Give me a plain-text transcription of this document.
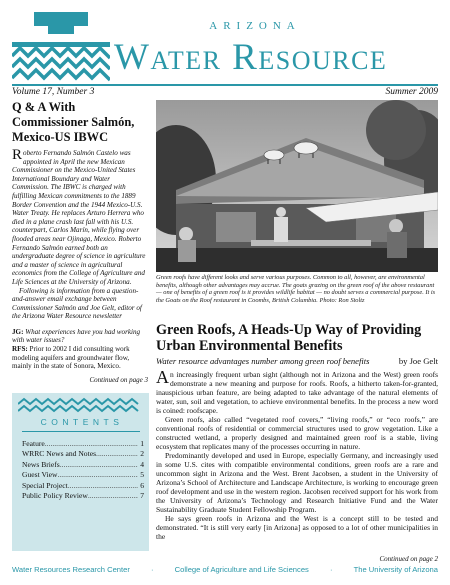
ARIZONA
Water Resource
Volume 17, Number 3	Summer 2009
Q & A With Commissioner Salmón, Mexico-US IBWC

Roberto Fernando Salmón Castelo was appointed in April the new Mexican Commissioner on the Mexico-United States International Boundary and Water Commission. The IBWC is charged with fulfilling Mexican commitments to the 1889 Border Convention and the 1944 Mexico-U.S. Water Treaty. He replaces Arturo Herrera who died in a plane crash last fall with his U.S. counterpart, Carlos Marín, while flying over flooded areas near Ojinaga, Mexico. Roberto Fernando Salmón earned both an undergraduate degree of science in agriculture and a master of science in agricultural economics from the College of Agriculture and Life Sciences at the University of Arizona.

Following is information from a question-and-answer email exchange between Commissioner Salmón and Joe Gelt, editor of the Arizona Water Resource newsletter

JG: What experiences have you had working with water issues?
RFS: Prior to 2002 I did consulting work modeling aquifers and groundwater flow, mainly in the state of Sonora, Mexico.
Continued on page 3
CONTENTS
Feature .....	1
WRRC News and Notes .....	2
News Briefs .....	4
Guest View .....	5
Special Project .....	6
Public Policy Review .....	7
Green roofs have different looks and serve various purposes. Common to all, however, are environmental benefits, although other advantages may accrue. The goats grazing on the green roof of the above restaurant — one of benefits of a green roof is it provides wildlife habitat — no doubt serves a commercial purpose. It is the Goats on the Roof restaurant in Coombs, British Columbia. Photo: Ron Stoltz
Green Roofs, A Heads-Up Way of Providing Urban Environmental Benefits
Water resource advantages number among green roof benefits	by Joe Gelt

An increasingly frequent urban sight (although not in Arizona and the West) green roofs demonstrate a new meaning and purpose for roofs. Roofs, a hitherto taken-for-granted, inauspicious urban feature, are being adapted to take advantage of the natural elements of water, sun, soil and vegetation, to achieve environmental benefits. In the process a new word is coined: roofscape.

Green roofs, also called “vegetated roof covers,” “living roofs,” or “eco roofs,” are conventional roofs of residential or commercial structures used to grow vegetation. Like a constructed wetland, a properly designed and maintained green roof is a stable, living ecosystem that replicates many of the processes occurring in nature.

Predominantly developed and used in Europe, especially Germany, and increasingly used in some U.S. cites with compatible environmental conditions, green roofs are a rare and uncommon sight in Arizona and the West. Brent Jacobsen, a student in the University of Arizona’s School of Architecture and Landscape Architecture, is working to encourage green roof development and use in the western region. Jacobsen received support for his work from the University of Arizona’s Technology and Research Initiative Fund and the Water Sustainability Graduate Student Fellowship Program.

He says green roofs in Arizona and the West is a concept still to be tested and demonstrated. “It is still very early [in Arizona] as opposed to a lot of other municipalities in the

Continued on page 2
Water Resources Research Center	·	College of Agriculture and Life Sciences	·	The University of Arizona
